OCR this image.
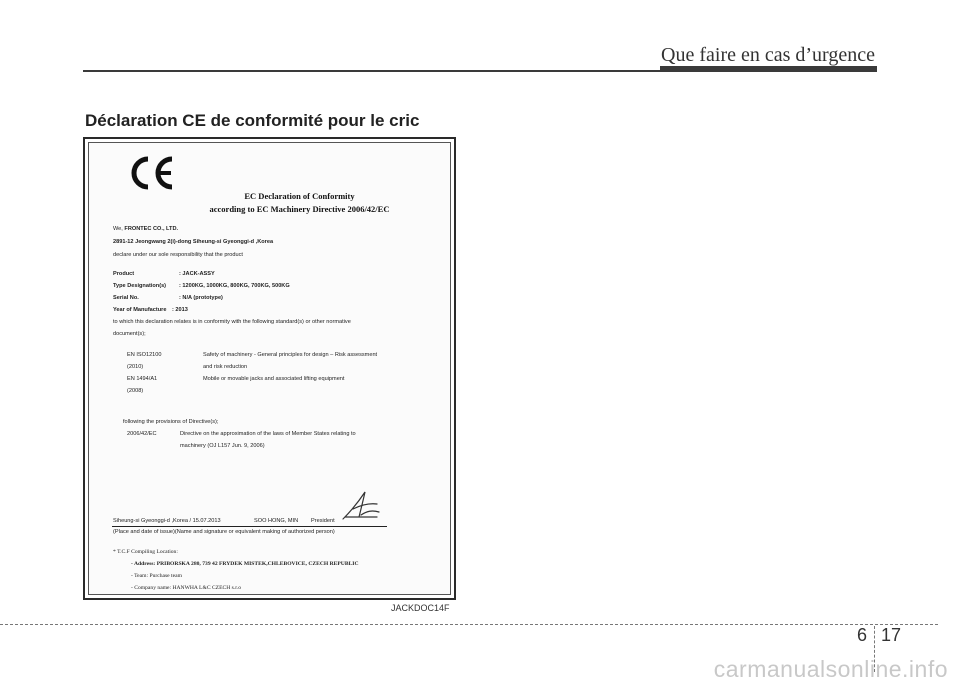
Que faire en cas d’urgence
Déclaration CE de conformité pour le cric
EC Declaration of Conformity
according to EC Machinery Directive 2006/42/EC
We, FRONTEC CO., LTD.
2891-12 Jeongwang 2(i)-dong Siheung-si Gyeonggi-d ,Korea
declare under our sole responsibility that the product
Product	: JACK-ASSY
Type Designation(s) : 1200KG, 1000KG, 800KG, 700KG, 500KG
Serial No.	: N/A (prototype)
Year of Manufacture : 2013
to which this declaration relates is in conformity with the following standard(s) or other normative
document(s);
EN ISO12100	Safety of machinery - General principles for design – Risk assessment
(2010)	and risk reduction
EN 1494/A1	Mobile or movable jacks and associated lifting equipment
(2008)
following the provisions of Directive(s);
2006/42/EC	Directive on the approximation of the laws of Member States relating to
machinery (OJ L157 Jun. 9, 2006)
Siheung-si Gyeonggi-d ,Korea / 15.07.2013	SOO HONG, MIN President
(Place and date of issue)(Name and signature or equivalent making of authorized person)
* T.C.F Compiling Location:
- Address: PRIBORSKA 280, 739 42 FRYDEK MISTEK,CHLEBOVICE, CZECH REPUBLIC
- Team: Purchase team
- Company name: HANWHA L&C CZECH s.r.o
JACKDOC14F
6 17
carmanualsonline.info
